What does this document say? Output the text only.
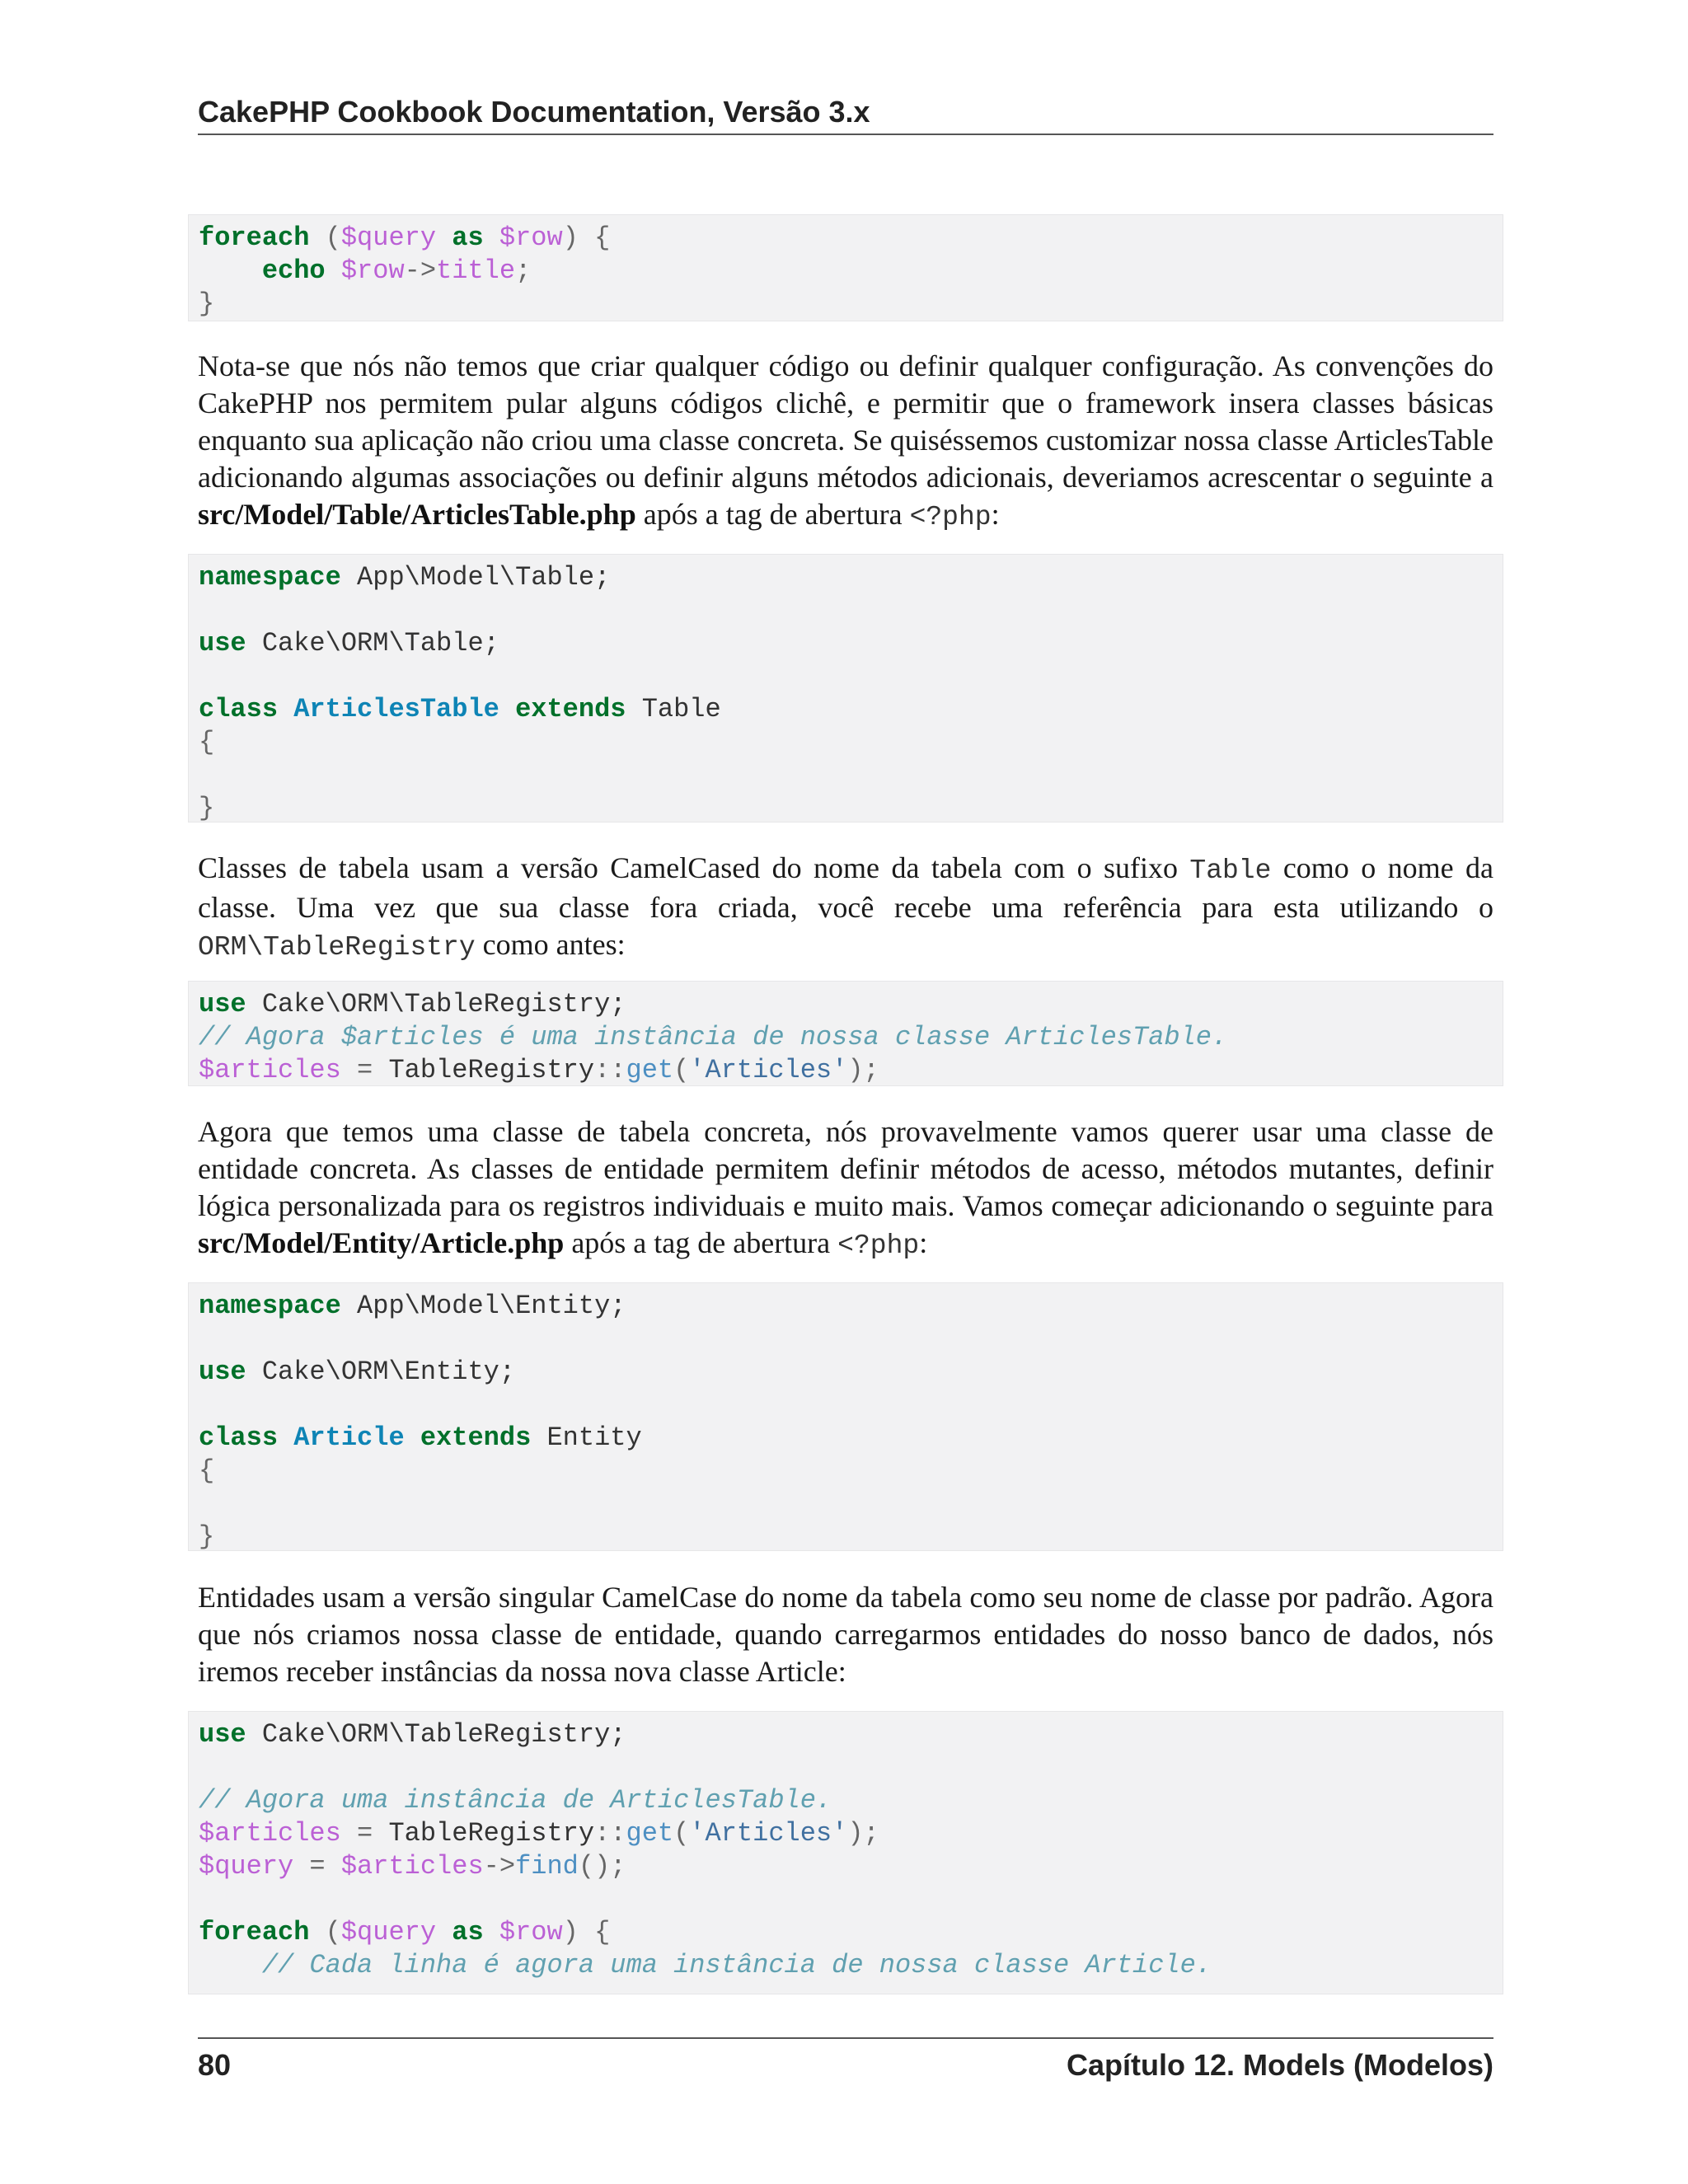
CakePHP Cookbook Documentation, Versão 3.x
foreach ($query as $row) {
echo $row->title;
}
Nota-se que nós não temos que criar qualquer código ou definir qualquer configuração. As convenções do CakePHP nos permitem pular alguns códigos clichê, e permitir que o framework insera classes básicas enquanto sua aplicação não criou uma classe concreta. Se quiséssemos customizar nossa classe ArticlesTable adicionando algumas associações ou definir alguns métodos adicionais, deveriamos acrescentar o seguinte a src/Model/Table/ArticlesTable.php após a tag de abertura <?php:
namespace App\Model\Table;
use Cake\ORM\Table;
class ArticlesTable extends Table
{
}
Classes de tabela usam a versão CamelCased do nome da tabela com o sufixo Table como o nome da classe. Uma vez que sua classe fora criada, você recebe uma referência para esta utilizando o ORM\TableRegistry como antes:
use Cake\ORM\TableRegistry;
// Agora $articles é uma instância de nossa classe ArticlesTable.
$articles = TableRegistry::get('Articles');
Agora que temos uma classe de tabela concreta, nós provavelmente vamos querer usar uma classe de entidade concreta. As classes de entidade permitem definir métodos de acesso, métodos mutantes, definir lógica personalizada para os registros individuais e muito mais. Vamos começar adicionando o seguinte para src/Model/Entity/Article.php após a tag de abertura <?php:
namespace App\Model\Entity;
use Cake\ORM\Entity;
class Article extends Entity
{
}
Entidades usam a versão singular CamelCase do nome da tabela como seu nome de classe por padrão. Agora que nós criamos nossa classe de entidade, quando carregarmos entidades do nosso banco de dados, nós iremos receber instâncias da nossa nova classe Article:
use Cake\ORM\TableRegistry;
// Agora uma instância de ArticlesTable.
$articles = TableRegistry::get('Articles');
$query = $articles->find();
foreach ($query as $row) {
// Cada linha é agora uma instância de nossa classe Article.
80	Capítulo 12. Models (Modelos)
